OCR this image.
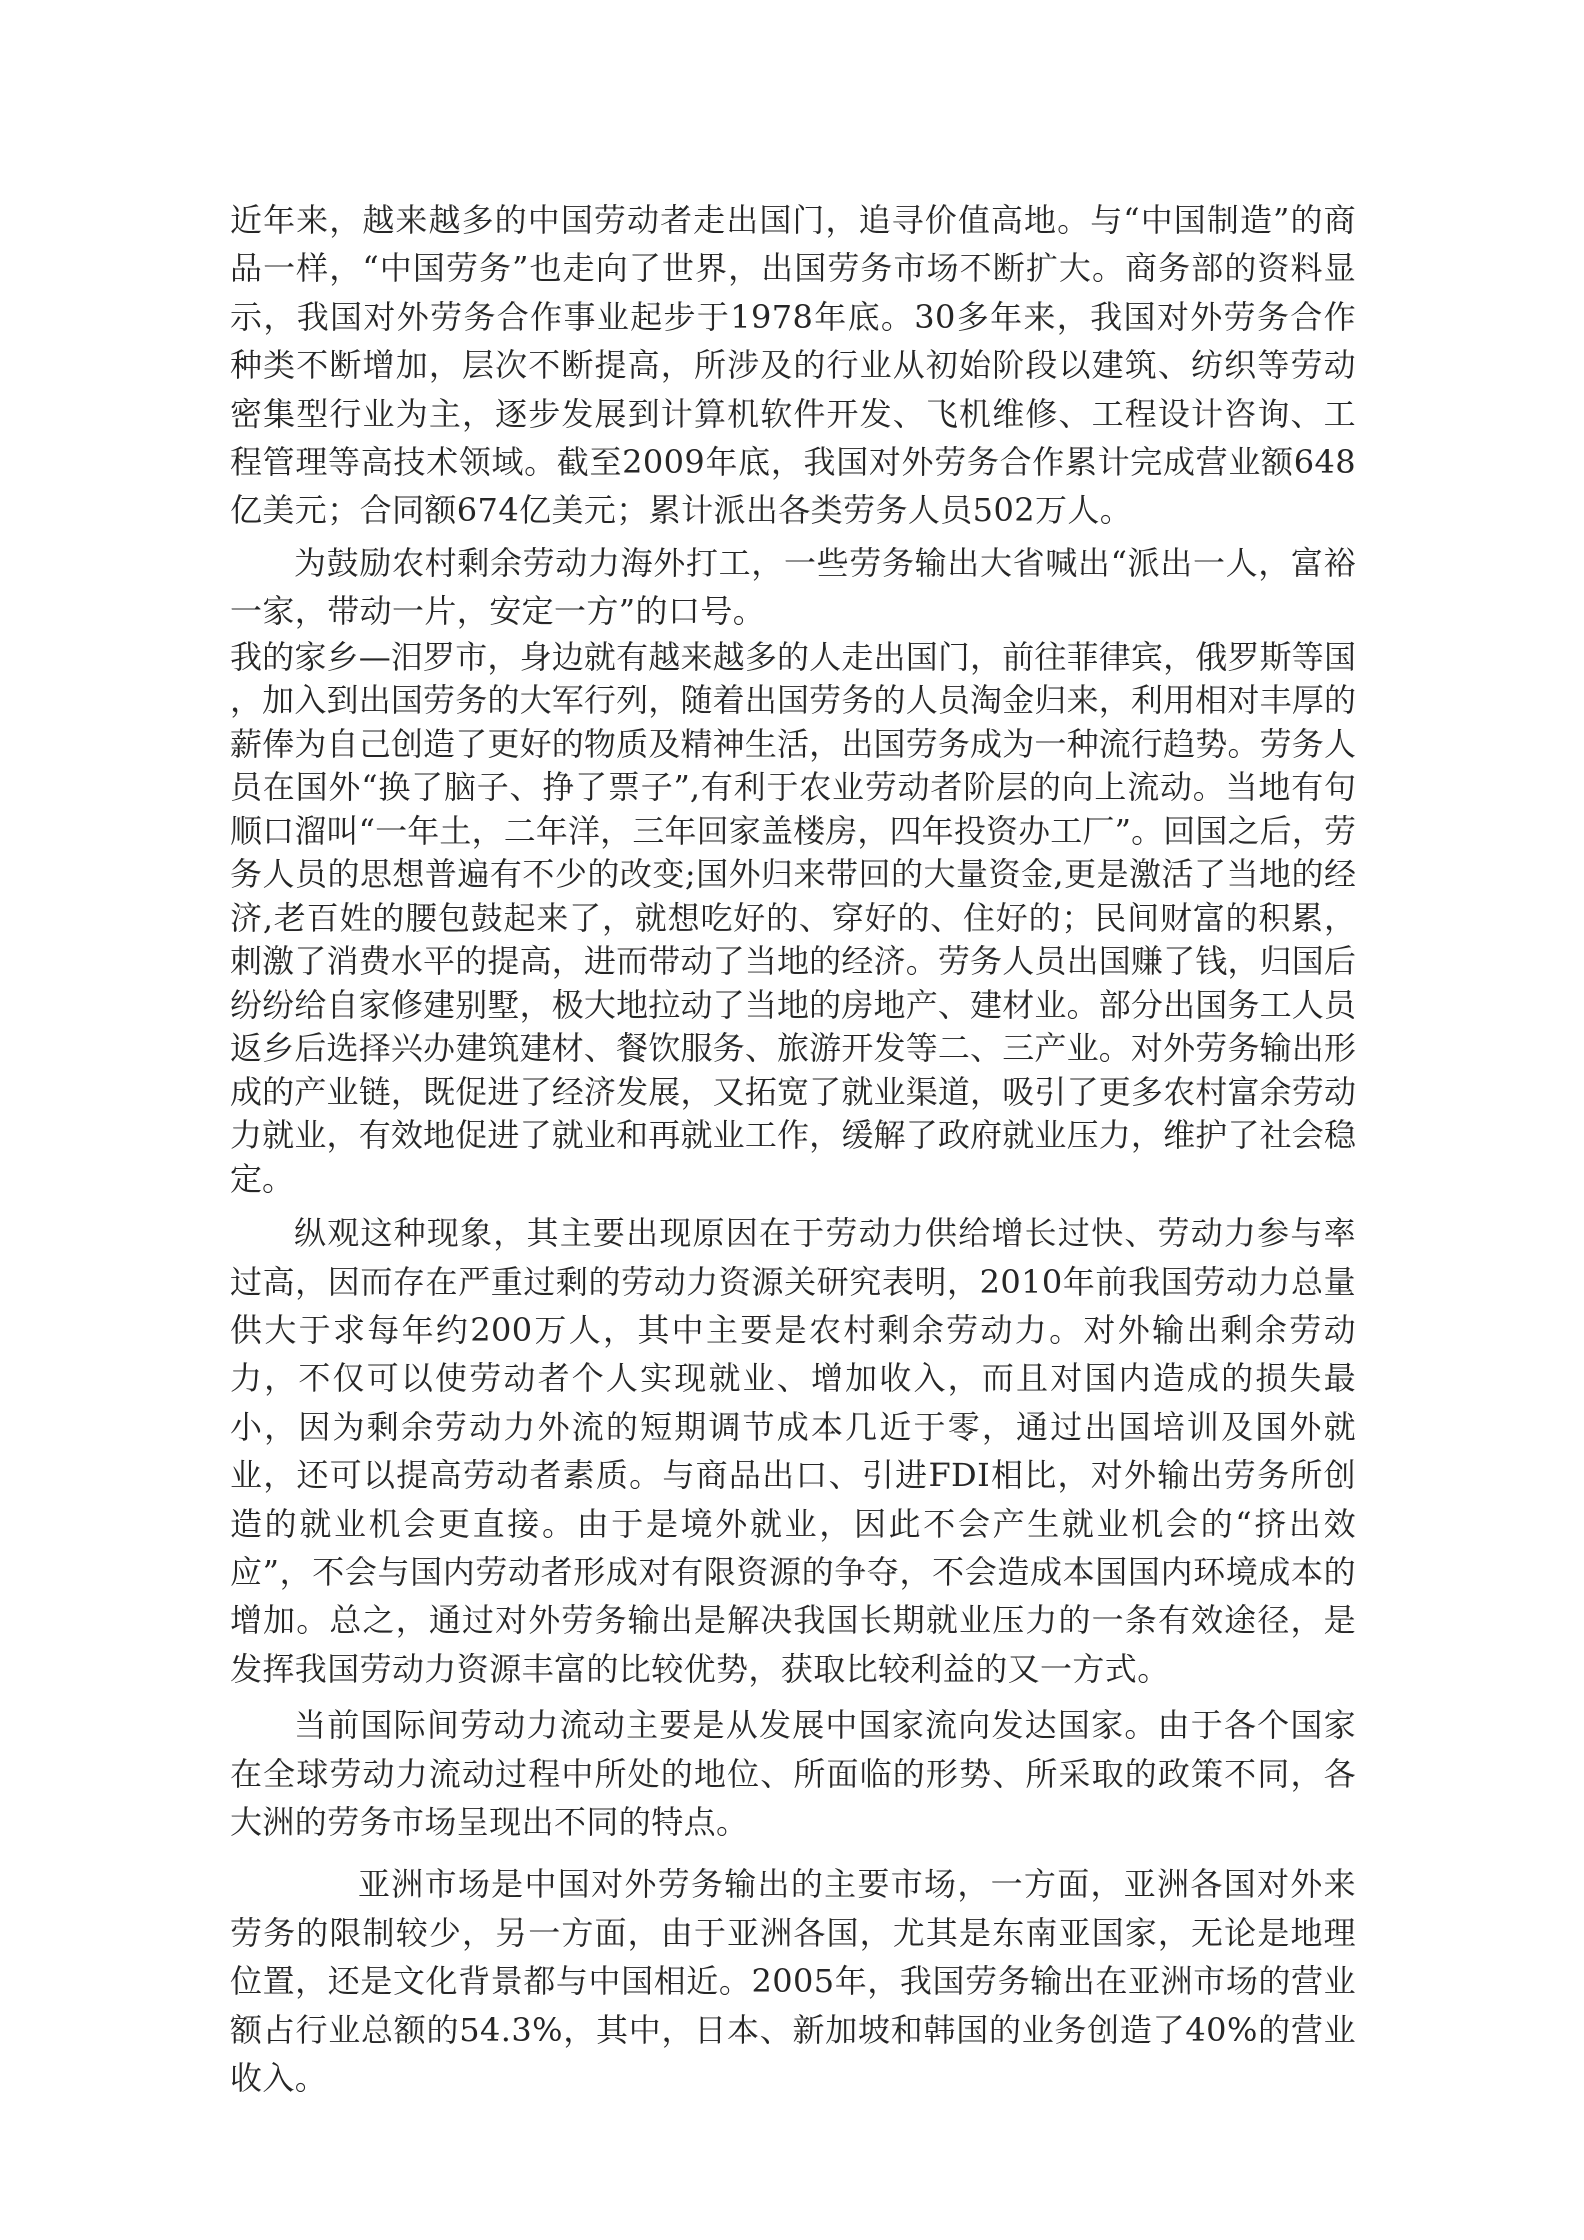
近年来，越来越多的中国劳动者走出国门，追寻价值高地。与“中国制造”的商品一样，“中国劳务”也走向了世界，出国劳务市场不断扩大。商务部的资料显示，我国对外劳务合作事业起步于1978年底。30多年来，我国对外劳务合作种类不断增加，层次不断提高，所涉及的行业从初始阶段以建筑、纺织等劳动密集型行业为主，逐步发展到计算机软件开发、飞机维修、工程设计咨询、工程管理等高技术领域。截至2009年底，我国对外劳务合作累计完成营业额648亿美元；合同额674亿美元；累计派出各类劳务人员502万人。

为鼓励农村剩余劳动力海外打工，一些劳务输出大省喊出“派出一人，富裕一家，带动一片，安定一方”的口号。

我的家乡—汨罗市，身边就有越来越多的人走出国门，前往菲律宾，俄罗斯等国 ，加入到出国劳务的大军行列，随着出国劳务的人员淘金归来，利用相对丰厚的薪俸为自己创造了更好的物质及精神生活，出国劳务成为一种流行趋势。劳务人员在国外“换了脑子、挣了票子”,有利于农业劳动者阶层的向上流动。当地有句顺口溜叫“一年土，二年洋，三年回家盖楼房，四年投资办工厂”。回国之后，劳务人员的思想普遍有不少的改变;国外归来带回的大量资金,更是激活了当地的经济,老百姓的腰包鼓起来了，就想吃好的、穿好的、住好的；民间财富的积累，刺激了消费水平的提高，进而带动了当地的经济。劳务人员出国赚了钱，归国后纷纷给自家修建别墅，极大地拉动了当地的房地产、建材业。部分出国务工人员返乡后选择兴办建筑建材、餐饮服务、旅游开发等二、三产业。对外劳务输出形成的产业链，既促进了经济发展，又拓宽了就业渠道，吸引了更多农村富余劳动力就业，有效地促进了就业和再就业工作，缓解了政府就业压力，维护了社会稳定。

纵观这种现象，其主要出现原因在于劳动力供给增长过快、劳动力参与率过高，因而存在严重过剩的劳动力资源关研究表明，2010年前我国劳动力总量供大于求每年约200万人，其中主要是农村剩余劳动力。对外输出剩余劳动力，不仅可以使劳动者个人实现就业、增加收入，而且对国内造成的损失最小，因为剩余劳动力外流的短期调节成本几近于零，通过出国培训及国外就业，还可以提高劳动者素质。与商品出口、引进FDI相比，对外输出劳务所创造的就业机会更直接。由于是境外就业，因此不会产生就业机会的“挤出效应”，不会与国内劳动者形成对有限资源的争夺，不会造成本国国内环境成本的增加。总之，通过对外劳务输出是解决我国长期就业压力的一条有效途径，是发挥我国劳动力资源丰富的比较优势，获取比较利益的又一方式。

当前国际间劳动力流动主要是从发展中国家流向发达国家。由于各个国家在全球劳动力流动过程中所处的地位、所面临的形势、所采取的政策不同，各大洲的劳务市场呈现出不同的特点。

亚洲市场是中国对外劳务输出的主要市场，一方面，亚洲各国对外来劳务的限制较少，另一方面，由于亚洲各国，尤其是东南亚国家，无论是地理位置，还是文化背景都与中国相近。2005年，我国劳务输出在亚洲市场的营业额占行业总额的54.3%，其中，日本、新加坡和韩国的业务创造了40%的营业收入。
